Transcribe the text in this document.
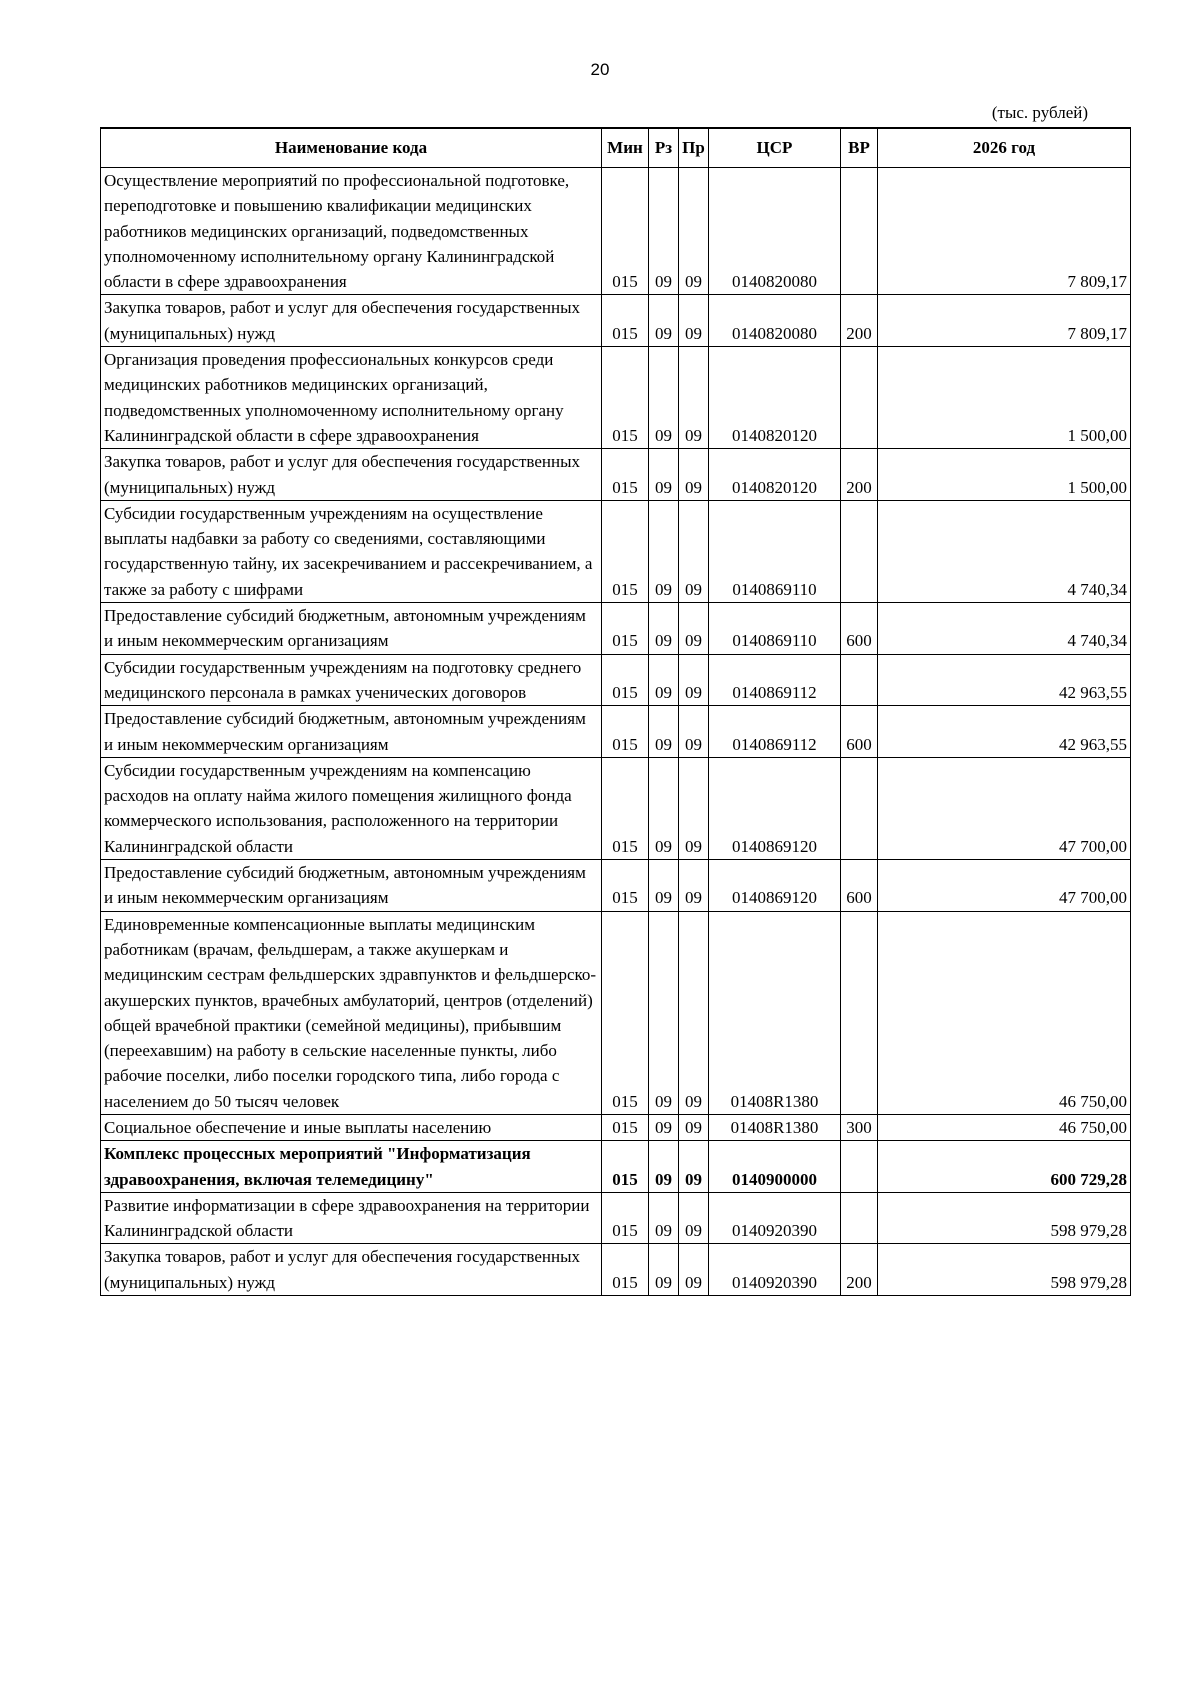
20
(тыс. рублей)
Наименование кода	Мин	Рз	Пр	ЦСР	ВР	2026 год
Осуществление мероприятий по профессиональной подготовке, переподготовке и повышению квалификации медицинских работников медицинских организаций, подведомственных уполномоченному исполнительному органу Калининградской области в сфере здравоохранения	015	09	09	0140820080		7 809,17
Закупка товаров, работ и услуг для обеспечения государственных (муниципальных) нужд	015	09	09	0140820080	200	7 809,17
Организация проведения профессиональных конкурсов среди медицинских работников медицинских организаций, подведомственных уполномоченному исполнительному органу Калининградской области в сфере здравоохранения	015	09	09	0140820120		1 500,00
Закупка товаров, работ и услуг для обеспечения государственных (муниципальных) нужд	015	09	09	0140820120	200	1 500,00
Субсидии государственным учреждениям на осуществление выплаты надбавки за работу со сведениями, составляющими государственную тайну, их засекречиванием и рассекречиванием, а также за работу с шифрами	015	09	09	0140869110		4 740,34
Предоставление субсидий бюджетным, автономным учреждениям и иным некоммерческим организациям	015	09	09	0140869110	600	4 740,34
Субсидии государственным учреждениям на подготовку среднего медицинского персонала в рамках ученических договоров	015	09	09	0140869112		42 963,55
Предоставление субсидий бюджетным, автономным учреждениям и иным некоммерческим организациям	015	09	09	0140869112	600	42 963,55
Субсидии государственным учреждениям на компенсацию расходов на оплату найма жилого помещения жилищного фонда коммерческого использования, расположенного на территории Калининградской области	015	09	09	0140869120		47 700,00
Предоставление субсидий бюджетным, автономным учреждениям и иным некоммерческим организациям	015	09	09	0140869120	600	47 700,00
Единовременные компенсационные выплаты медицинским работникам (врачам, фельдшерам, а также акушеркам и медицинским сестрам фельдшерских здравпунктов и фельдшерско-акушерских пунктов, врачебных амбулаторий, центров (отделений) общей врачебной практики (семейной медицины), прибывшим (переехавшим) на работу в сельские населенные пункты, либо рабочие поселки, либо поселки городского типа, либо города с населением до 50 тысяч человек	015	09	09	01408R1380		46 750,00
Социальное обеспечение и иные выплаты населению	015	09	09	01408R1380	300	46 750,00
Комплекс процессных мероприятий "Информатизация здравоохранения, включая телемедицину"	015	09	09	0140900000		600 729,28
Развитие информатизации в сфере здравоохранения на территории Калининградской области	015	09	09	0140920390		598 979,28
Закупка товаров, работ и услуг для обеспечения государственных (муниципальных) нужд	015	09	09	0140920390	200	598 979,28
